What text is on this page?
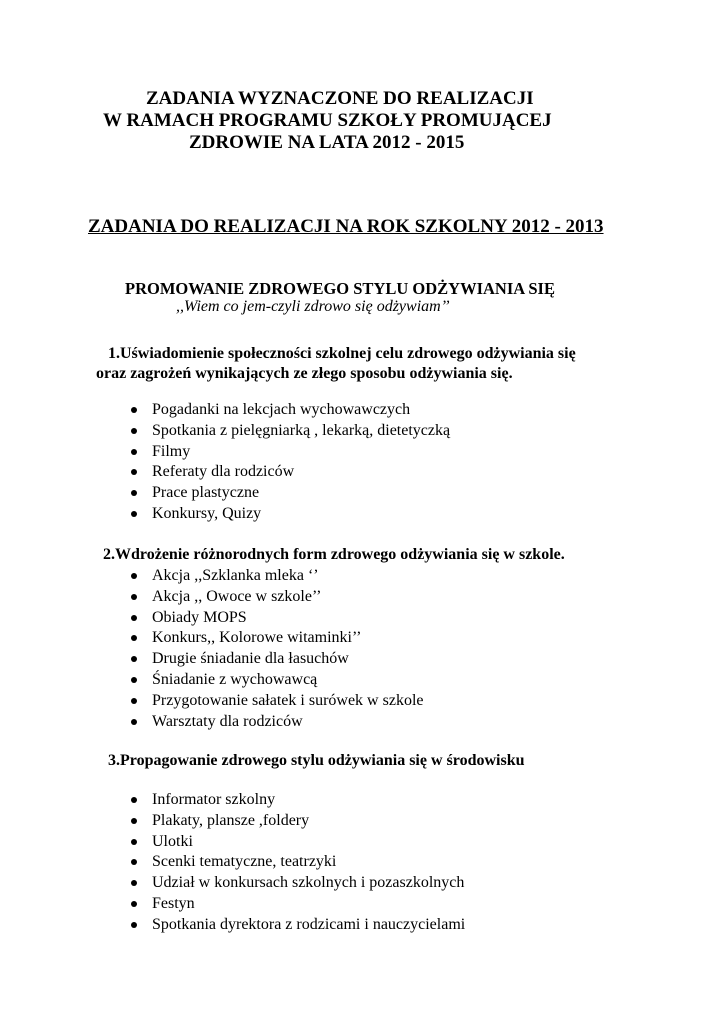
ZADANIA WYZNACZONE DO REALIZACJI
W RAMACH PROGRAMU SZKOŁY PROMUJĄCEJ
ZDROWIE NA LATA 2012 - 2015
ZADANIA DO REALIZACJI NA ROK SZKOLNY 2012 - 2013
PROMOWANIE ZDROWEGO STYLU ODŻYWIANIA SIĘ
,,Wiem co jem-czyli zdrowo się odżywiam’’
1.Uświadomienie społeczności szkolnej celu zdrowego odżywiania się
oraz zagrożeń wynikających ze złego sposobu odżywiania się.
Pogadanki na lekcjach wychowawczych
Spotkania z pielęgniarką , lekarką, dietetyczką
Filmy
Referaty dla rodziców
Prace plastyczne
Konkursy, Quizy
2.Wdrożenie różnorodnych form zdrowego odżywiania się w szkole.
Akcja ,,Szklanka mleka ‘’
Akcja ,, Owoce w szkole’’
Obiady MOPS
Konkurs,, Kolorowe witaminki’’
Drugie śniadanie dla łasuchów
Śniadanie z wychowawcą
Przygotowanie sałatek i surówek w szkole
Warsztaty dla rodziców
3.Propagowanie zdrowego stylu odżywiania się w środowisku
Informator szkolny
Plakaty, plansze ,foldery
Ulotki
Scenki tematyczne, teatrzyki
Udział w konkursach szkolnych i pozaszkolnych
Festyn
Spotkania dyrektora z rodzicami i nauczycielami
